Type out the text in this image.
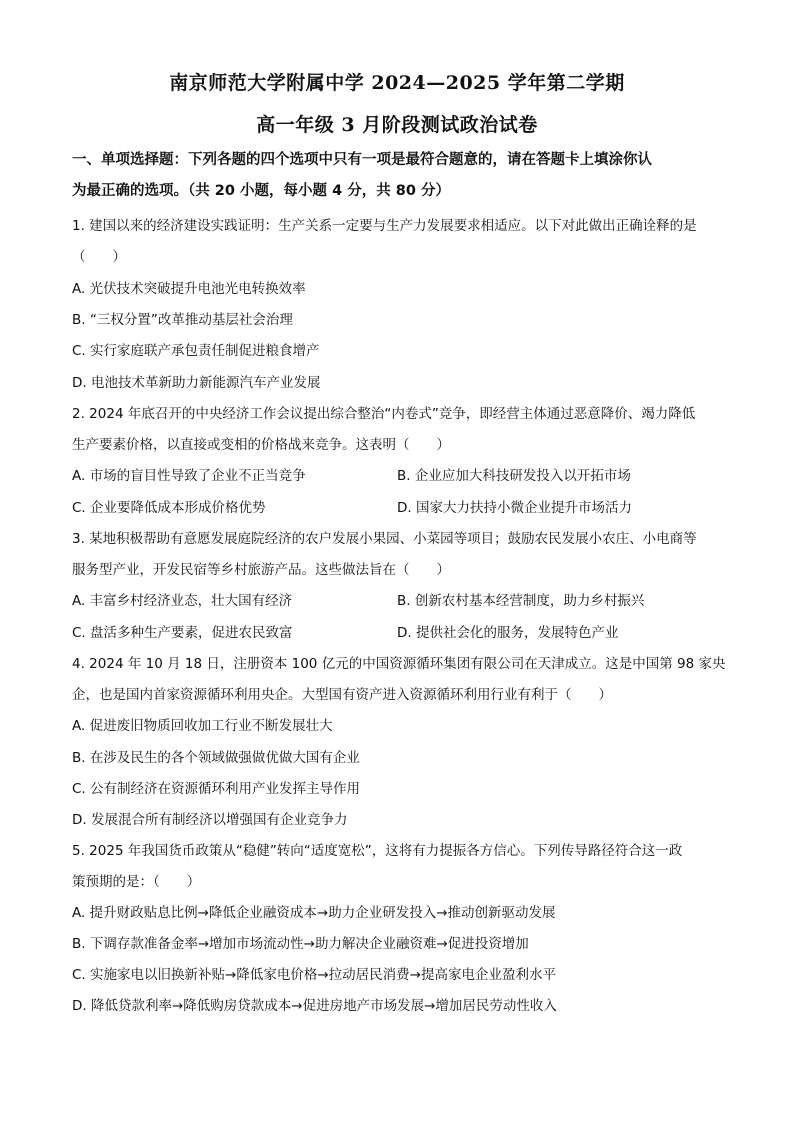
南京师范大学附属中学 2024—2025 学年第二学期
高一年级 3 月阶段测试政治试卷
一、单项选择题：下列各题的四个选项中只有一项是最符合题意的，请在答题卡上填涂你认
为最正确的选项。（共 20 小题，每小题 4 分，共 80 分）
1. 建国以来的经济建设实践证明：生产关系一定要与生产力发展要求相适应。以下对此做出正确诠释的是
（　　）
A. 光伏技术突破提升电池光电转换效率
B. “三权分置”改革推动基层社会治理
C. 实行家庭联产承包责任制促进粮食增产
D. 电池技术革新助力新能源汽车产业发展
2. 2024 年底召开的中央经济工作会议提出综合整治“内卷式”竞争，即经营主体通过恶意降价、竭力降低
生产要素价格，以直接或变相的价格战来竞争。这表明（　　）
A. 市场的盲目性导致了企业不正当竞争	B. 企业应加大科技研发投入以开拓市场
C. 企业要降低成本形成价格优势	D. 国家大力扶持小微企业提升市场活力
3. 某地积极帮助有意愿发展庭院经济的农户发展小果园、小菜园等项目；鼓励农民发展小农庄、小电商等
服务型产业，开发民宿等乡村旅游产品。这些做法旨在（　　）
A. 丰富乡村经济业态，壮大国有经济	B. 创新农村基本经营制度，助力乡村振兴
C. 盘活多种生产要素，促进农民致富	D. 提供社会化的服务，发展特色产业
4. 2024 年 10 月 18 日，注册资本 100 亿元的中国资源循环集团有限公司在天津成立。这是中国第 98 家央
企，也是国内首家资源循环利用央企。大型国有资产进入资源循环利用行业有利于（　　）
A. 促进废旧物质回收加工行业不断发展壮大
B. 在涉及民生的各个领域做强做优做大国有企业
C. 公有制经济在资源循环利用产业发挥主导作用
D. 发展混合所有制经济以增强国有企业竞争力
5. 2025 年我国货币政策从“稳健”转向“适度宽松”，这将有力提振各方信心。下列传导路径符合这一政
策预期的是：（　　）
A. 提升财政贴息比例→降低企业融资成本→助力企业研发投入→推动创新驱动发展
B. 下调存款准备金率→增加市场流动性→助力解决企业融资难→促进投资增加
C. 实施家电以旧换新补贴→降低家电价格→拉动居民消费→提高家电企业盈利水平
D. 降低贷款利率→降低购房贷款成本→促进房地产市场发展→增加居民劳动性收入
